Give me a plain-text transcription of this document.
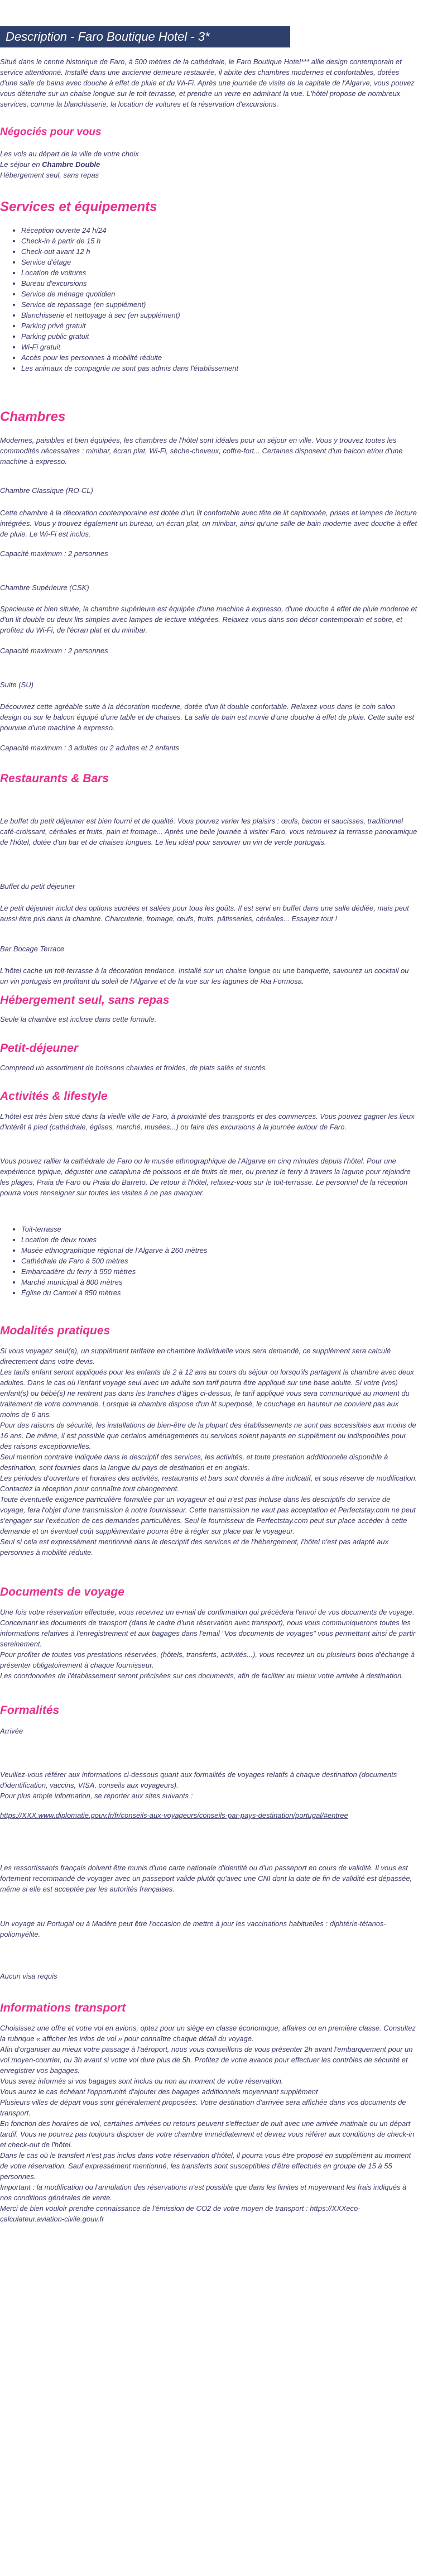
Description - Faro Boutique Hotel - 3*

Situé dans le centre historique de Faro, à 500 mètres de la cathédrale, le Faro Boutique Hotel*** allie design contemporain et service attentionné. Installé dans une ancienne demeure restaurée, il abrite des chambres modernes et confortables, dotées d'une salle de bains avec douche à effet de pluie et du Wi-Fi. Après une journée de visite de la capitale de l'Algarve, vous pouvez vous détendre sur un chaise longue sur le toit-terrasse, et prendre un verre en admirant la vue. L'hôtel propose de nombreux services, comme la blanchisserie, la location de voitures et la réservation d'excursions.

Négociés pour vous
Les vols au départ de la ville de votre choix
Le séjour en Chambre Double
Hébergement seul, sans repas
Services et équipements
• Réception ouverte 24 h/24
• Check-in à partir de 15 h
• Check-out avant 12 h
• Service d'étage
• Location de voitures
• Bureau d'excursions
• Service de ménage quotidien
• Service de repassage (en supplément)
• Blanchisserie et nettoyage à sec (en supplément)
• Parking privé gratuit
• Parking public gratuit
• Wi-Fi gratuit
• Accès pour les personnes à mobilité réduite
• Les animaux de compagnie ne sont pas admis dans l'établissement
Chambres

Modernes, paisibles et bien équipées, les chambres de l'hôtel sont idéales pour un séjour en ville. Vous y trouvez toutes les commodités nécessaires : minibar, écran plat, Wi-Fi, sèche-cheveux, coffre-fort... Certaines disposent d'un balcon et/ou d'une machine à expresso.

Chambre Classique (RO-CL)

Cette chambre à la décoration contemporaine est dotée d'un lit confortable avec tête de lit capitonnée, prises et lampes de lecture intégrées. Vous y trouvez également un bureau, un écran plat, un minibar, ainsi qu'une salle de bain moderne avec douche à effet de pluie. Le Wi-Fi est inclus.

Capacité maximum : 2 personnes

Chambre Supérieure (CSK)

Spacieuse et bien située, la chambre supérieure est équipée d'une machine à expresso, d'une douche à effet de pluie moderne et d'un lit double ou deux lits simples avec lampes de lecture intégrées. Relaxez-vous dans son décor contemporain et sobre, et profitez du Wi-Fi, de l'écran plat et du minibar.

Capacité maximum : 2 personnes

Suite (SU)

Découvrez cette agréable suite à la décoration moderne, dotée d'un lit double confortable. Relaxez-vous dans le coin salon design ou sur le balcon équipé d'une table et de chaises. La salle de bain est munie d'une douche à effet de pluie. Cette suite est pourvue d'une machine à expresso.

Capacité maximum : 3 adultes ou 2 adultes et 2 enfants

Restaurants & Bars

Le buffet du petit déjeuner est bien fourni et de qualité. Vous pouvez varier les plaisirs : œufs, bacon et saucisses, traditionnel café-croissant, céréales et fruits, pain et fromage... Après une belle journée à visiter Faro, vous retrouvez la terrasse panoramique de l'hôtel, dotée d'un bar et de chaises longues. Le lieu idéal pour savourer un vin de verde portugais.

Buffet du petit déjeuner

Le petit déjeuner inclut des options sucrées et salées pour tous les goûts. Il est servi en buffet dans une salle dédiée, mais peut aussi être pris dans la chambre. Charcuterie, fromage, œufs, fruits, pâtisseries, céréales... Essayez tout !

Bar Bocage Terrace

L'hôtel cache un toit-terrasse à la décoration tendance. Installé sur un chaise longue ou une banquette, savourez un cocktail ou un vin portugais en profitant du soleil de l'Algarve et de la vue sur les lagunes de Ria Formosa.

Hébergement seul, sans repas

Seule la chambre est incluse dans cette formule.

Petit-déjeuner

Comprend un assortiment de boissons chaudes et froides, de plats salés et sucrés.

Activités & lifestyle

L'hôtel est très bien situé dans la vieille ville de Faro, à proximité des transports et des commerces. Vous pouvez gagner les lieux d'intérêt à pied (cathédrale, églises, marché, musées...) ou faire des excursions à la journée autour de Faro.

Vous pouvez rallier la cathédrale de Faro ou le musée ethnographique de l'Algarve en cinq minutes depuis l'hôtel. Pour une expérience typique, déguster une catapluna de poissons et de fruits de mer, ou prenez le ferry à travers la lagune pour rejoindre les plages, Praia de Faro ou Praia do Barreto. De retour à l'hôtel, relaxez-vous sur le toit-terrasse. Le personnel de la réception pourra vous renseigner sur toutes les visites à ne pas manquer.

• Toit-terrasse
• Location de deux roues
• Musée ethnographique régional de l'Algarve à 260 mètres
• Cathédrale de Faro à 500 mètres
• Embarcadère du ferry à 550 mètres
• Marché municipal à 800 mètres
• Église du Carmel à 850 mètres
Modalités pratiques
Si vous voyagez seul(e), un supplément tarifaire en chambre individuelle vous sera demandé, ce supplément sera calculé directement dans votre devis.
Les tarifs enfant seront appliqués pour les enfants de 2 à 12 ans au cours du séjour ou lorsqu'ils partagent la chambre avec deux adultes. Dans le cas où l'enfant voyage seul avec un adulte son tarif pourra être appliqué sur une base adulte. Si votre (vos) enfant(s) ou bébé(s) ne rentrent pas dans les tranches d'âges ci-dessus, le tarif appliqué vous sera communiqué au moment du traitement de votre commande. Lorsque la chambre dispose d'un lit superposé, le couchage en hauteur ne convient pas aux moins de 6 ans.
Pour des raisons de sécurité, les installations de bien-être de la plupart des établissements ne sont pas accessibles aux moins de 16 ans. De même, il est possible que certains aménagements ou services soient payants en supplément ou indisponibles pour des raisons exceptionnelles.
Seul mention contraire indiquée dans le descriptif des services, les activités, et toute prestation additionnelle disponible à destination, sont fournies dans la langue du pays de destination et en anglais.
Les périodes d'ouverture et horaires des activités, restaurants et bars sont donnés à titre indicatif, et sous réserve de modification. Contactez la réception pour connaître tout changement.
Toute éventuelle exigence particulière formulée par un voyageur et qui n'est pas incluse dans les descriptifs du service de voyage, fera l'objet d'une transmission à notre fournisseur. Cette transmission ne vaut pas acceptation et Perfectstay.com ne peut s'engager sur l'exécution de ces demandes particulières. Seul le fournisseur de Perfectstay.com peut sur place accéder à cette demande et un éventuel coût supplémentaire pourra être à régler sur place par le voyageur.
Seul si cela est expressément mentionné dans le descriptif des services et de l'hébergement, l'hôtel n'est pas adapté aux personnes à mobilité réduite.
Documents de voyage
Une fois votre réservation effectuée, vous recevrez un e-mail de confirmation qui précèdera l'envoi de vos documents de voyage.
Concernant les documents de transport (dans le cadre d'une réservation avec transport), nous vous communiquerons toutes les informations relatives à l'enregistrement et aux bagages dans l'email "Vos documents de voyages" vous permettant ainsi de partir sereinement.
Pour profiter de toutes vos prestations réservées, (hôtels, transferts, activités...), vous recevrez un ou plusieurs bons d'échange à présenter obligatoirement à chaque fournisseur.
Les coordonnées de l'établissement seront précisées sur ces documents, afin de faciliter au mieux votre arrivée à destination.
Formalités

Arrivée

Veuillez-vous référer aux informations ci-dessous quant aux formalités de voyages relatifs à chaque destination (documents d'identification, vaccins, VISA, conseils aux voyageurs).
Pour plus ample information, se reporter aux sites suivants :

https://XXX.www.diplomatie.gouv.fr/fr/conseils-aux-voyageurs/conseils-par-pays-destination/portugal/#entree

Les ressortissants français doivent être munis d'une carte nationale d'identité ou d'un passeport en cours de validité. Il vous est fortement recommandé de voyager avec un passeport valide plutôt qu'avec une CNI dont la date de fin de validité est dépassée, même si elle est acceptée par les autorités françaises.

Un voyage au Portugal ou à Madère peut être l'occasion de mettre à jour les vaccinations habituelles : diphtérie-tétanos-poliomyélite.

Aucun visa requis

Informations transport
Choisissez une offre et votre vol en avions, optez pour un siège en classe économique, affaires ou en première classe. Consultez la rubrique « afficher les infos de vol » pour connaître chaque détail du voyage.
Afin d'organiser au mieux votre passage à l'aéroport, nous vous conseillons de vous présenter 2h avant l'embarquement pour un vol moyen-courrier, ou 3h avant si votre vol dure plus de 5h. Profitez de votre avance pour effectuer les contrôles de sécurité et enregistrer vos bagages.
Vous serez informés si vos bagages sont inclus ou non au moment de votre réservation.
Vous aurez le cas échéant l'opportunité d'ajouter des bagages additionnels moyennant supplément
Plusieurs villes de départ vous sont généralement proposées. Votre destination d'arrivée sera affichée dans vos documents de transport.
En fonction des horaires de vol, certaines arrivées ou retours peuvent s'effectuer de nuit avec une arrivée matinale ou un départ tardif. Vous ne pourrez pas toujours disposer de votre chambre immédiatement et devrez vous référer aux conditions de check-in et check-out de l'hôtel.
Dans le cas où le transfert n'est pas inclus dans votre réservation d'hôtel, il pourra vous être proposé en supplément au moment de votre réservation. Sauf expressément mentionné, les transferts sont susceptibles d'être effectués en groupe de 15 à 55 personnes.
Important : la modification ou l'annulation des réservations n'est possible que dans les limites et moyennant les frais indiqués à nos conditions générales de vente.
Merci de bien vouloir prendre connaissance de l'émission de CO2 de votre moyen de transport : https://XXXeco-calculateur.aviation-civile.gouv.fr
